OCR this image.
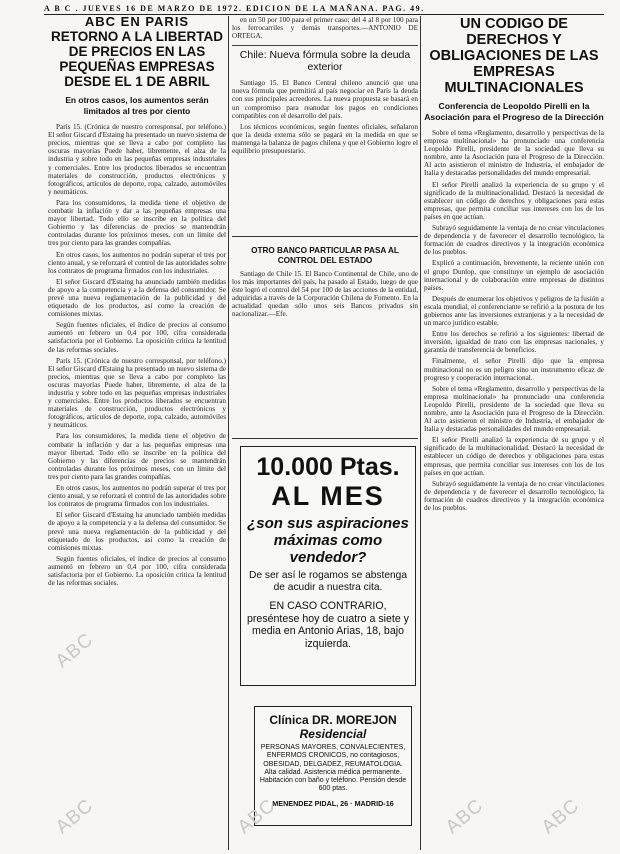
A B C . JUEVES 16 DE MARZO DE 1972. EDICION DE LA MAÑANA. PAG. 49.
ABC EN PARIS
RETORNO A LA LIBERTAD DE PRECIOS EN LAS PEQUEÑAS EMPRESAS DESDE EL 1 DE ABRIL
En otros casos, los aumentos serán limitados al tres por ciento

París 15. (Crónica de nuestro corresponsal, por teléfono.) El señor Giscard d'Estaing ha presentado un nuevo sistema de precios, mientras que se lleva a cabo por completo las oscuras mayorías Puede haber, libremente, el alza de la industria y sobre todo en las pequeñas empresas industriales y comerciales. Entre los productos liberados se encuentran materiales de construcción, productos electrónicos y fotográficos, artículos de deporte, ropa, calzado, automóviles y neumáticos.

Para los consumidores, la medida tiene el objetivo de combatir la inflación y dar a las pequeñas empresas una mayor libertad. Todo ello se inscribe en la política del Gobierno y las diferencias de precios se mantendrán controladas durante los próximos meses, con un límite del tres por ciento para las grandes compañías.

En otros casos, los aumentos no podrán superar el tres por ciento anual, y se reforzará el control de las autoridades sobre los contratos de programa firmados con los industriales.

El señor Giscard d'Estaing ha anunciado también medidas de apoyo a la competencia y a la defensa del consumidor. Se prevé una nueva reglamentación de la publicidad y del etiquetado de los productos, así como la creación de comisiones mixtas.

Según fuentes oficiales, el índice de precios al consumo aumentó en febrero un 0,4 por 100, cifra considerada satisfactoria por el Gobierno. La oposición critica la lentitud de las reformas sociales.

París 15. (Crónica de nuestro corresponsal, por teléfono.) El señor Giscard d'Estaing ha presentado un nuevo sistema de precios, mientras que se lleva a cabo por completo las oscuras mayorías Puede haber, libremente, el alza de la industria y sobre todo en las pequeñas empresas industriales y comerciales. Entre los productos liberados se encuentran materiales de construcción, productos electrónicos y fotográficos, artículos de deporte, ropa, calzado, automóviles y neumáticos.

Para los consumidores, la medida tiene el objetivo de combatir la inflación y dar a las pequeñas empresas una mayor libertad. Todo ello se inscribe en la política del Gobierno y las diferencias de precios se mantendrán controladas durante los próximos meses, con un límite del tres por ciento para las grandes compañías.

En otros casos, los aumentos no podrán superar el tres por ciento anual, y se reforzará el control de las autoridades sobre los contratos de programa firmados con los industriales.

El señor Giscard d'Estaing ha anunciado también medidas de apoyo a la competencia y a la defensa del consumidor. Se prevé una nueva reglamentación de la publicidad y del etiquetado de los productos, así como la creación de comisiones mixtas.

Según fuentes oficiales, el índice de precios al consumo aumentó en febrero un 0,4 por 100, cifra considerada satisfactoria por el Gobierno. La oposición critica la lentitud de las reformas sociales.

en un 50 por 100 para el primer caso; del 4 al 8 por 100 para los ferrocarriles y demás transportes.—ANTONIO DE ORTEGA.

Chile: Nueva fórmula sobre la deuda exterior

Santiago 15. El Banco Central chileno anunció que una nueva fórmula que permitirá al país negociar en París la deuda con sus principales acreedores. La nueva propuesta se basará en un compromiso para reanudar los pagos en condiciones compatibles con el desarrollo del país.

Los técnicos económicos, según fuentes oficiales, señalaron que la deuda externa sólo se pagará en la medida en que se mantenga la balanza de pagos chilena y que el Gobierno logre el equilibrio presupuestario.

OTRO BANCO PARTICULAR PASA AL CONTROL DEL ESTADO

Santiago de Chile 15. El Banco Continental de Chile, uno de los más importantes del país, ha pasado al Estado, luego de que éste logró el control del 54 por 100 de las acciones de la entidad, adquiridas a través de la Corporación Chilena de Fomento. En la actualidad quedan sólo unos seis Bancos privados sin nacionalizar.—Efe.

10.000 Ptas.
AL MES
¿son sus aspiraciones máximas como vendedor?
De ser así le rogamos se abstenga de acudir a nuestra cita.
EN CASO CONTRARIO, preséntese hoy de cuatro a siete y media en Antonio Arias, 18, bajo izquierda.
Clínica DR. MOREJON
Residencial
PERSONAS MAYORES, CONVALECIENTES, ENFERMOS CRONICOS, no contagiosos, OBESIDAD, DELGADEZ, REUMATOLOGIA. Alta calidad. Asistencia médica permanente. Habitación con baño y teléfono. Pensión desde 600 ptas.
MENENDEZ PIDAL, 26 · MADRID-16
UN CODIGO DE DERECHOS Y OBLIGACIONES DE LAS EMPRESAS MULTINACIONALES
Conferencia de Leopoldo Pirelli en la Asociación para el Progreso de la Dirección

Sobre el tema «Reglamento, desarrollo y perspectivas de la empresa multinacional» ha pronunciado una conferencia Leopoldo Pirelli, presidente de la sociedad que lleva su nombre, ante la Asociación para el Progreso de la Dirección. Al acto asistieron el ministro de Industria, el embajador de Italia y destacadas personalidades del mundo empresarial.

El señor Pirelli analizó la experiencia de su grupo y el significado de la multinacionalidad. Destacó la necesidad de establecer un código de derechos y obligaciones para estas empresas, que permita conciliar sus intereses con los de los países en que actúan.

Subrayó seguidamente la ventaja de no crear vinculaciones de dependencia y de favorecer el desarrollo tecnológico, la formación de cuadros directivos y la integración económica de los pueblos.

Explicó a continuación, brevemente, la reciente unión con el grupo Dunlop, que constituye un ejemplo de asociación internacional y de colaboración entre empresas de distintos países.

Después de enumerar los objetivos y peligros de la fusión a escala mundial, el conferenciante se refirió a la postura de los gobiernos ante las inversiones extranjeras y a la necesidad de un marco jurídico estable.

Entre los derechos se refirió a los siguientes: libertad de inversión, igualdad de trato con las empresas nacionales, y garantía de transferencia de beneficios.

Finalmente, el señor Pirelli dijo que la empresa multinacional no es un peligro sino un instrumento eficaz de progreso y cooperación internacional.

Sobre el tema «Reglamento, desarrollo y perspectivas de la empresa multinacional» ha pronunciado una conferencia Leopoldo Pirelli, presidente de la sociedad que lleva su nombre, ante la Asociación para el Progreso de la Dirección. Al acto asistieron el ministro de Industria, el embajador de Italia y destacadas personalidades del mundo empresarial.

El señor Pirelli analizó la experiencia de su grupo y el significado de la multinacionalidad. Destacó la necesidad de establecer un código de derechos y obligaciones para estas empresas, que permita conciliar sus intereses con los de los países en que actúan.

Subrayó seguidamente la ventaja de no crear vinculaciones de dependencia y de favorecer el desarrollo tecnológico, la formación de cuadros directivos y la integración económica de los pueblos.

ABC
ABC	ABC	ABC	ABC
